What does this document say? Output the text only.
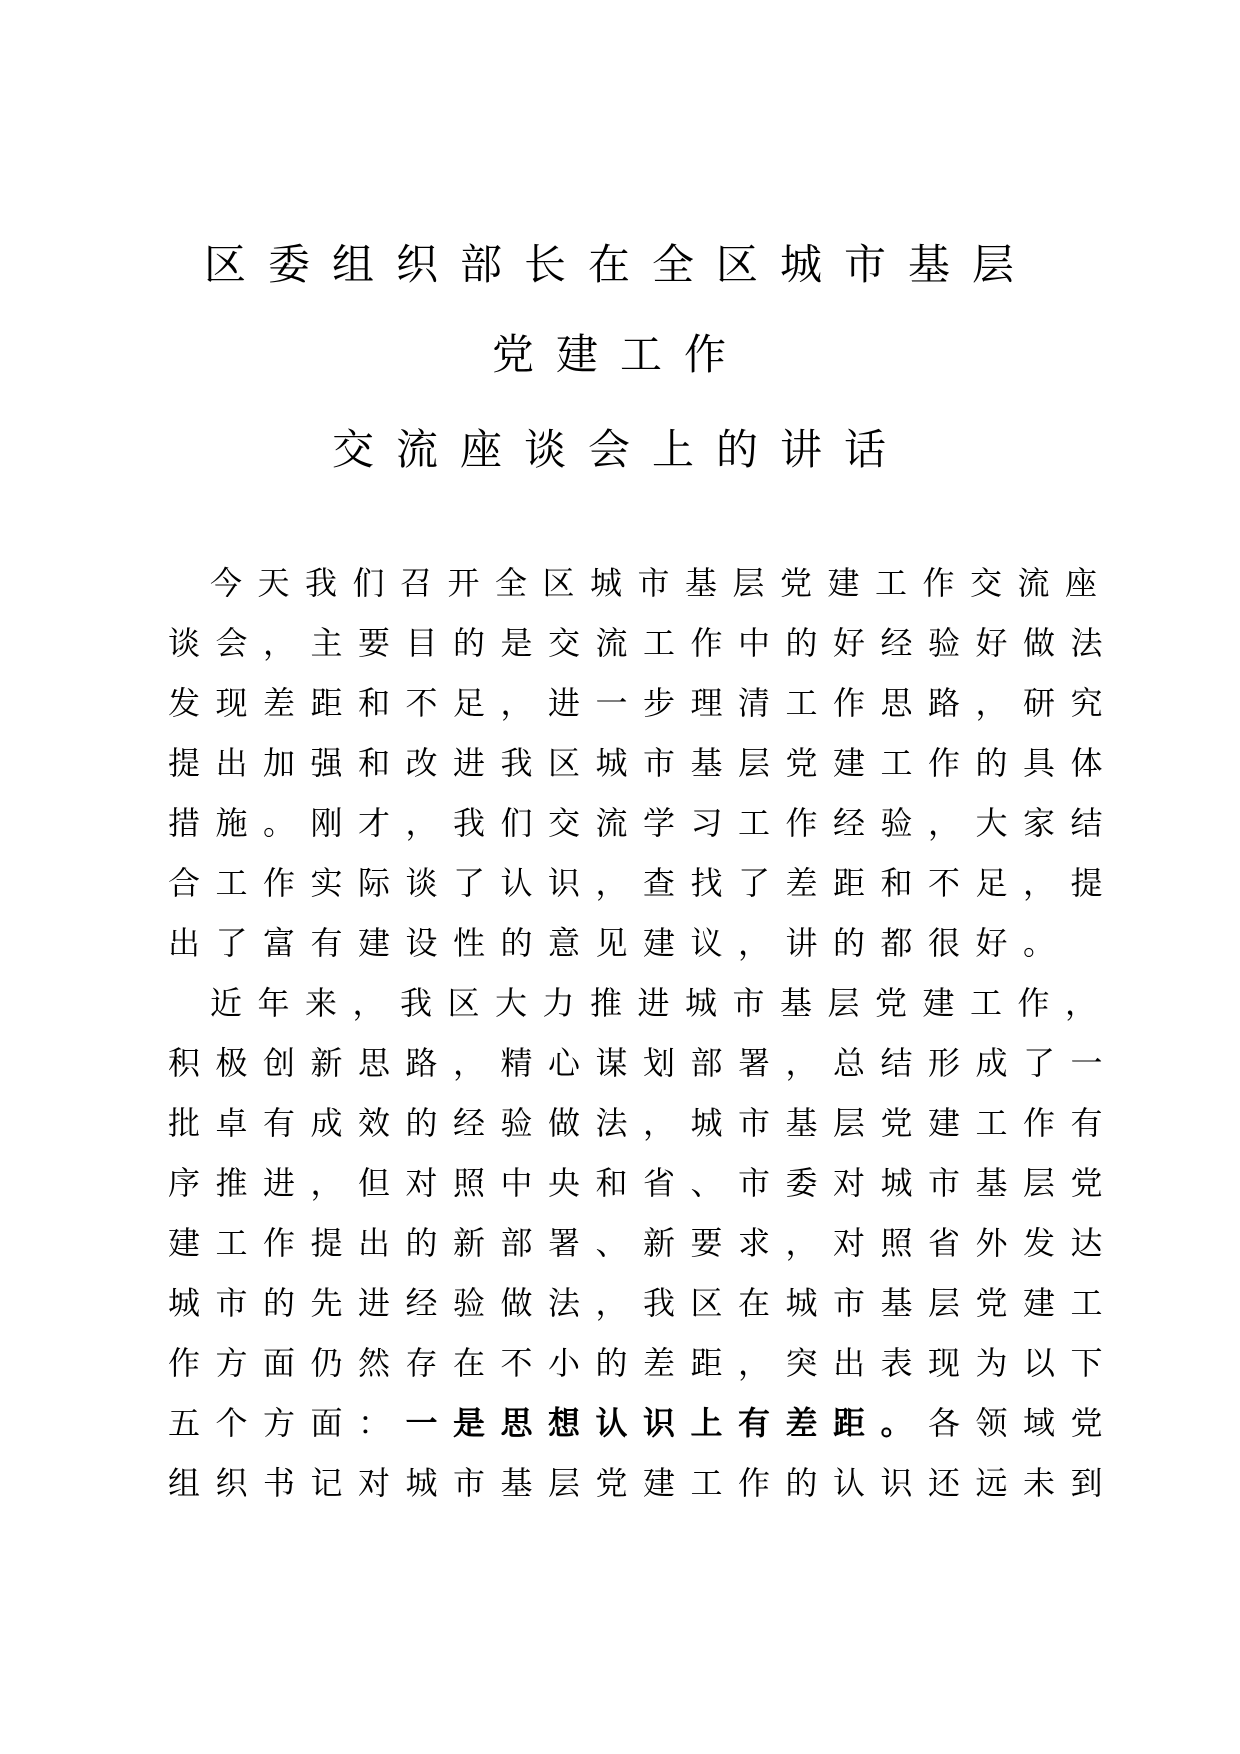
区委组织部长在全区城市基层
党建工作
交流座谈会上的讲话
今天我们召开全区城市基层党建工作交流座
谈会，主要目的是交流工作中的好经验好做法
发现差距和不足，进一步理清工作思路，研究
提出加强和改进我区城市基层党建工作的具体
措施。刚才，我们交流学习工作经验，大家结
合工作实际谈了认识，查找了差距和不足，提
出了富有建设性的意见建议，讲的都很好。
近年来，我区大力推进城市基层党建工作，
积极创新思路，精心谋划部署，总结形成了一
批卓有成效的经验做法，城市基层党建工作有
序推进，但对照中央和省、市委对城市基层党
建工作提出的新部署、新要求，对照省外发达
城市的先进经验做法，我区在城市基层党建工
作方面仍然存在不小的差距，突出表现为以下
五个方面：一是思想认识上有差距。各领域党
组织书记对城市基层党建工作的认识还远未到
